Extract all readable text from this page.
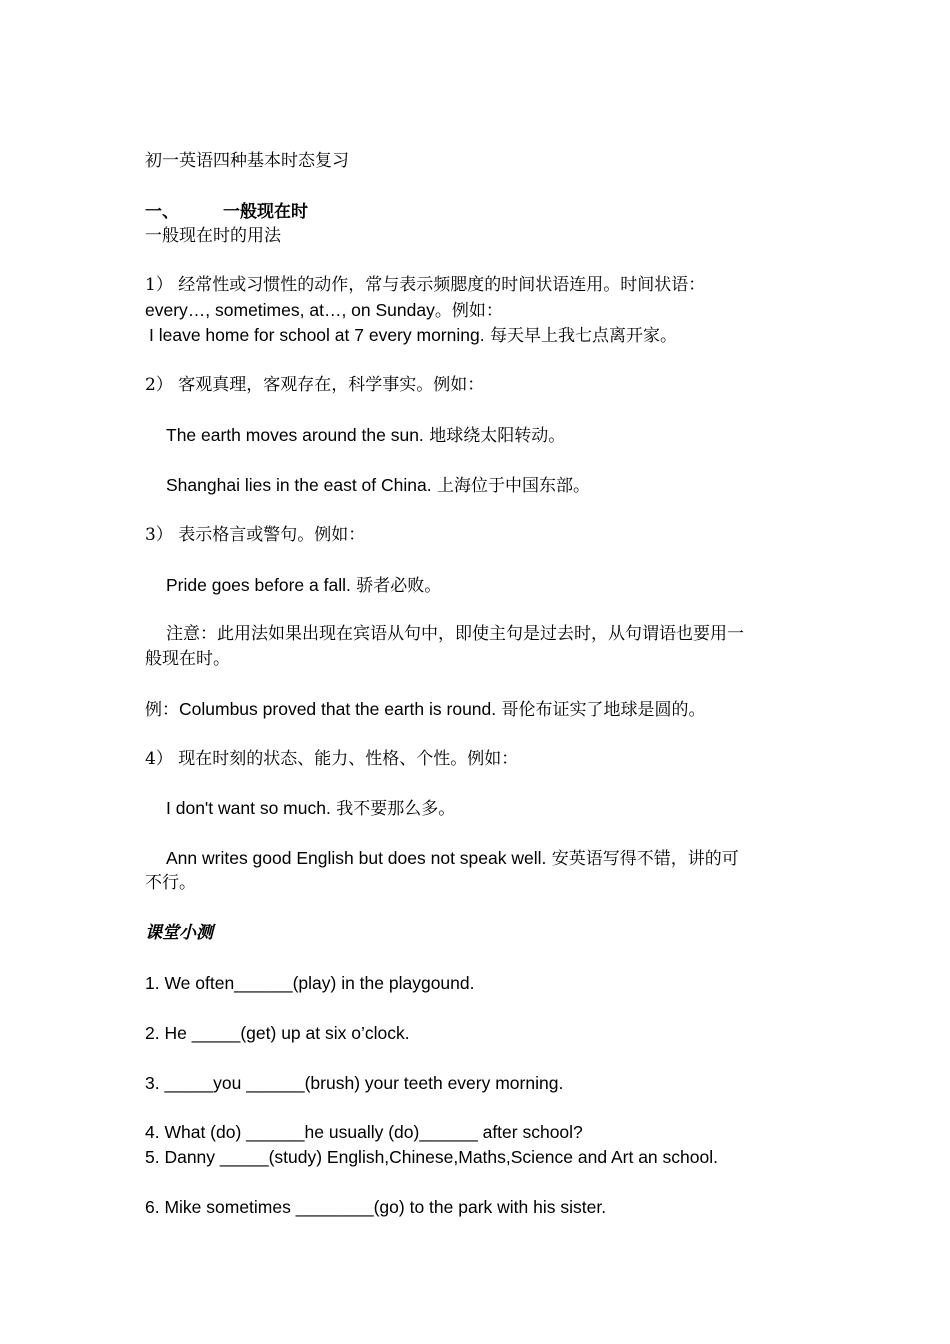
初一英语四种基本时态复习
一、	一般现在时
一般现在时的用法
1） 经常性或习惯性的动作，常与表示频腮度的时间状语连用。时间状语：
every…, sometimes, at…, on Sunday。例如：
I leave home for school at 7 every morning. 每天早上我七点离开家。
2） 客观真理，客观存在，科学事实。例如：
The earth moves around the sun. 地球绕太阳转动。
Shanghai lies in the east of China. 上海位于中国东部。
3） 表示格言或警句。例如：
Pride goes before a fall. 骄者必败。
注意：此用法如果出现在宾语从句中，即使主句是过去时，从句谓语也要用一
般现在时。
例：Columbus proved that the earth is round. 哥伦布证实了地球是圆的。
4） 现在时刻的状态、能力、性格、个性。例如：
I don't want so much. 我不要那么多。
Ann writes good English but does not speak well. 安英语写得不错，讲的可
不行。
课堂小测
1. We often______(play) in the playgound.
2. He _____(get) up at six o’clock.
3. _____you ______(brush) your teeth every morning.
4. What (do) ______he usually (do)______ after school?
5. Danny _____(study) English,Chinese,Maths,Science and Art an school.
6. Mike sometimes ________(go) to the park with his sister.
